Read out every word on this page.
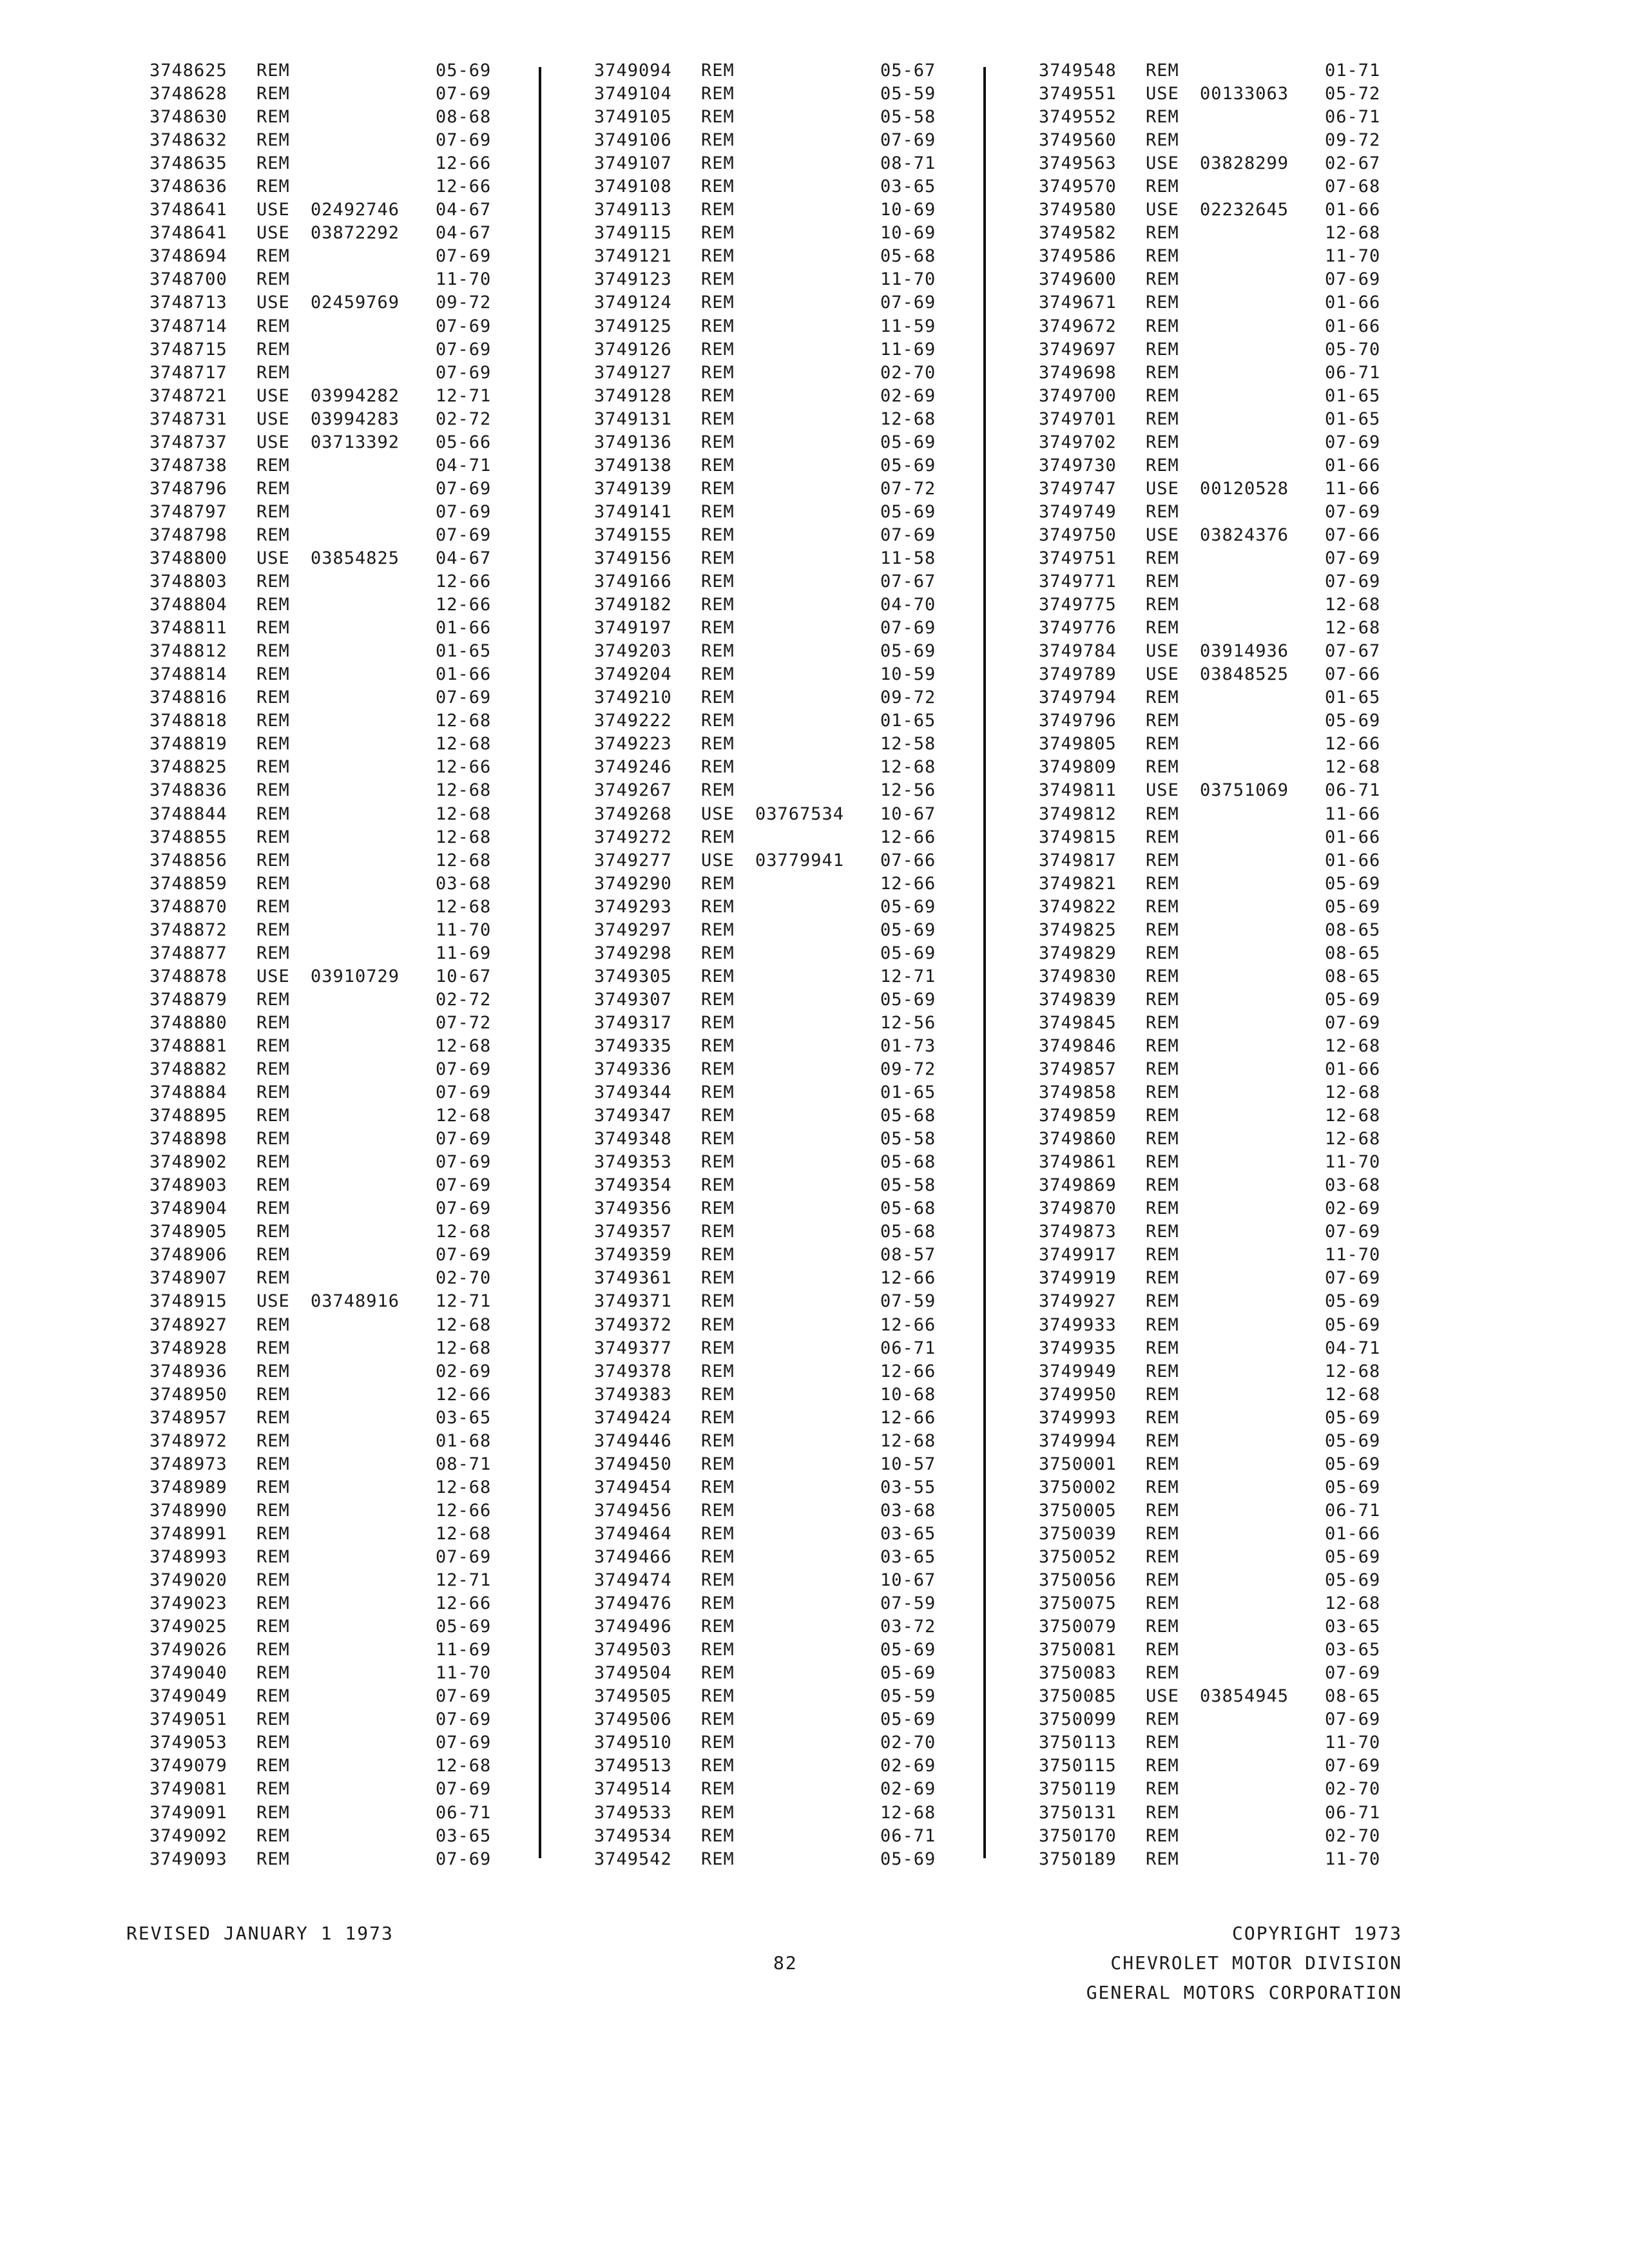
3748625 REM	05-69
3748628 REM	07-69
3748630 REM	08-68
3748632 REM	07-69
3748635 REM	12-66
3748636 REM	12-66
3748641 USE 02492746 04-67
3748641 USE 03872292 04-67
3748694 REM	07-69
3748700 REM	11-70
3748713 USE 02459769 09-72
3748714 REM	07-69
3748715 REM	07-69
3748717 REM	07-69
3748721 USE 03994282 12-71
3748731 USE 03994283 02-72
3748737 USE 03713392 05-66
3748738 REM	04-71
3748796 REM	07-69
3748797 REM	07-69
3748798 REM	07-69
3748800 USE 03854825 04-67
3748803 REM	12-66
3748804 REM	12-66
3748811 REM	01-66
3748812 REM	01-65
3748814 REM	01-66
3748816 REM	07-69
3748818 REM	12-68
3748819 REM	12-68
3748825 REM	12-66
3748836 REM	12-68
3748844 REM	12-68
3748855 REM	12-68
3748856 REM	12-68
3748859 REM	03-68
3748870 REM	12-68
3748872 REM	11-70
3748877 REM	11-69
3748878 USE 03910729 10-67
3748879 REM	02-72
3748880 REM	07-72
3748881 REM	12-68
3748882 REM	07-69
3748884 REM	07-69
3748895 REM	12-68
3748898 REM	07-69
3748902 REM	07-69
3748903 REM	07-69
3748904 REM	07-69
3748905 REM	12-68
3748906 REM	07-69
3748907 REM	02-70
3748915 USE 03748916 12-71
3748927 REM	12-68
3748928 REM	12-68
3748936 REM	02-69
3748950 REM	12-66
3748957 REM	03-65
3748972 REM	01-68
3748973 REM	08-71
3748989 REM	12-68
3748990 REM	12-66
3748991 REM	12-68
3748993 REM	07-69
3749020 REM	12-71
3749023 REM	12-66
3749025 REM	05-69
3749026 REM	11-69
3749040 REM	11-70
3749049 REM	07-69
3749051 REM	07-69
3749053 REM	07-69
3749079 REM	12-68
3749081 REM	07-69
3749091 REM	06-71
3749092 REM	03-65
3749093 REM	07-69
3749094 REM	05-67
3749104 REM	05-59
3749105 REM	05-58
3749106 REM	07-69
3749107 REM	08-71
3749108 REM	03-65
3749113 REM	10-69
3749115 REM	10-69
3749121 REM	05-68
3749123 REM	11-70
3749124 REM	07-69
3749125 REM	11-59
3749126 REM	11-69
3749127 REM	02-70
3749128 REM	02-69
3749131 REM	12-68
3749136 REM	05-69
3749138 REM	05-69
3749139 REM	07-72
3749141 REM	05-69
3749155 REM	07-69
3749156 REM	11-58
3749166 REM	07-67
3749182 REM	04-70
3749197 REM	07-69
3749203 REM	05-69
3749204 REM	10-59
3749210 REM	09-72
3749222 REM	01-65
3749223 REM	12-58
3749246 REM	12-68
3749267 REM	12-56
3749268 USE 03767534 10-67
3749272 REM	12-66
3749277 USE 03779941 07-66
3749290 REM	12-66
3749293 REM	05-69
3749297 REM	05-69
3749298 REM	05-69
3749305 REM	12-71
3749307 REM	05-69
3749317 REM	12-56
3749335 REM	01-73
3749336 REM	09-72
3749344 REM	01-65
3749347 REM	05-68
3749348 REM	05-58
3749353 REM	05-68
3749354 REM	05-58
3749356 REM	05-68
3749357 REM	05-68
3749359 REM	08-57
3749361 REM	12-66
3749371 REM	07-59
3749372 REM	12-66
3749377 REM	06-71
3749378 REM	12-66
3749383 REM	10-68
3749424 REM	12-66
3749446 REM	12-68
3749450 REM	10-57
3749454 REM	03-55
3749456 REM	03-68
3749464 REM	03-65
3749466 REM	03-65
3749474 REM	10-67
3749476 REM	07-59
3749496 REM	03-72
3749503 REM	05-69
3749504 REM	05-69
3749505 REM	05-59
3749506 REM	05-69
3749510 REM	02-70
3749513 REM	02-69
3749514 REM	02-69
3749533 REM	12-68
3749534 REM	06-71
3749542 REM	05-69
3749548 REM	01-71
3749551 USE 00133063 05-72
3749552 REM	06-71
3749560 REM	09-72
3749563 USE 03828299 02-67
3749570 REM	07-68
3749580 USE 02232645 01-66
3749582 REM	12-68
3749586 REM	11-70
3749600 REM	07-69
3749671 REM	01-66
3749672 REM	01-66
3749697 REM	05-70
3749698 REM	06-71
3749700 REM	01-65
3749701 REM	01-65
3749702 REM	07-69
3749730 REM	01-66
3749747 USE 00120528 11-66
3749749 REM	07-69
3749750 USE 03824376 07-66
3749751 REM	07-69
3749771 REM	07-69
3749775 REM	12-68
3749776 REM	12-68
3749784 USE 03914936 07-67
3749789 USE 03848525 07-66
3749794 REM	01-65
3749796 REM	05-69
3749805 REM	12-66
3749809 REM	12-68
3749811 USE 03751069 06-71
3749812 REM	11-66
3749815 REM	01-66
3749817 REM	01-66
3749821 REM	05-69
3749822 REM	05-69
3749825 REM	08-65
3749829 REM	08-65
3749830 REM	08-65
3749839 REM	05-69
3749845 REM	07-69
3749846 REM	12-68
3749857 REM	01-66
3749858 REM	12-68
3749859 REM	12-68
3749860 REM	12-68
3749861 REM	11-70
3749869 REM	03-68
3749870 REM	02-69
3749873 REM	07-69
3749917 REM	11-70
3749919 REM	07-69
3749927 REM	05-69
3749933 REM	05-69
3749935 REM	04-71
3749949 REM	12-68
3749950 REM	12-68
3749993 REM	05-69
3749994 REM	05-69
3750001 REM	05-69
3750002 REM	05-69
3750005 REM	06-71
3750039 REM	01-66
3750052 REM	05-69
3750056 REM	05-69
3750075 REM	12-68
3750079 REM	03-65
3750081 REM	03-65
3750083 REM	07-69
3750085 USE 03854945 08-65
3750099 REM	07-69
3750113 REM	11-70
3750115 REM	07-69
3750119 REM	02-70
3750131 REM	06-71
3750170 REM	02-70
3750189 REM	11-70
REVISED JANUARY 1 1973
82
COPYRIGHT 1973
CHEVROLET MOTOR DIVISION
GENERAL MOTORS CORPORATION
